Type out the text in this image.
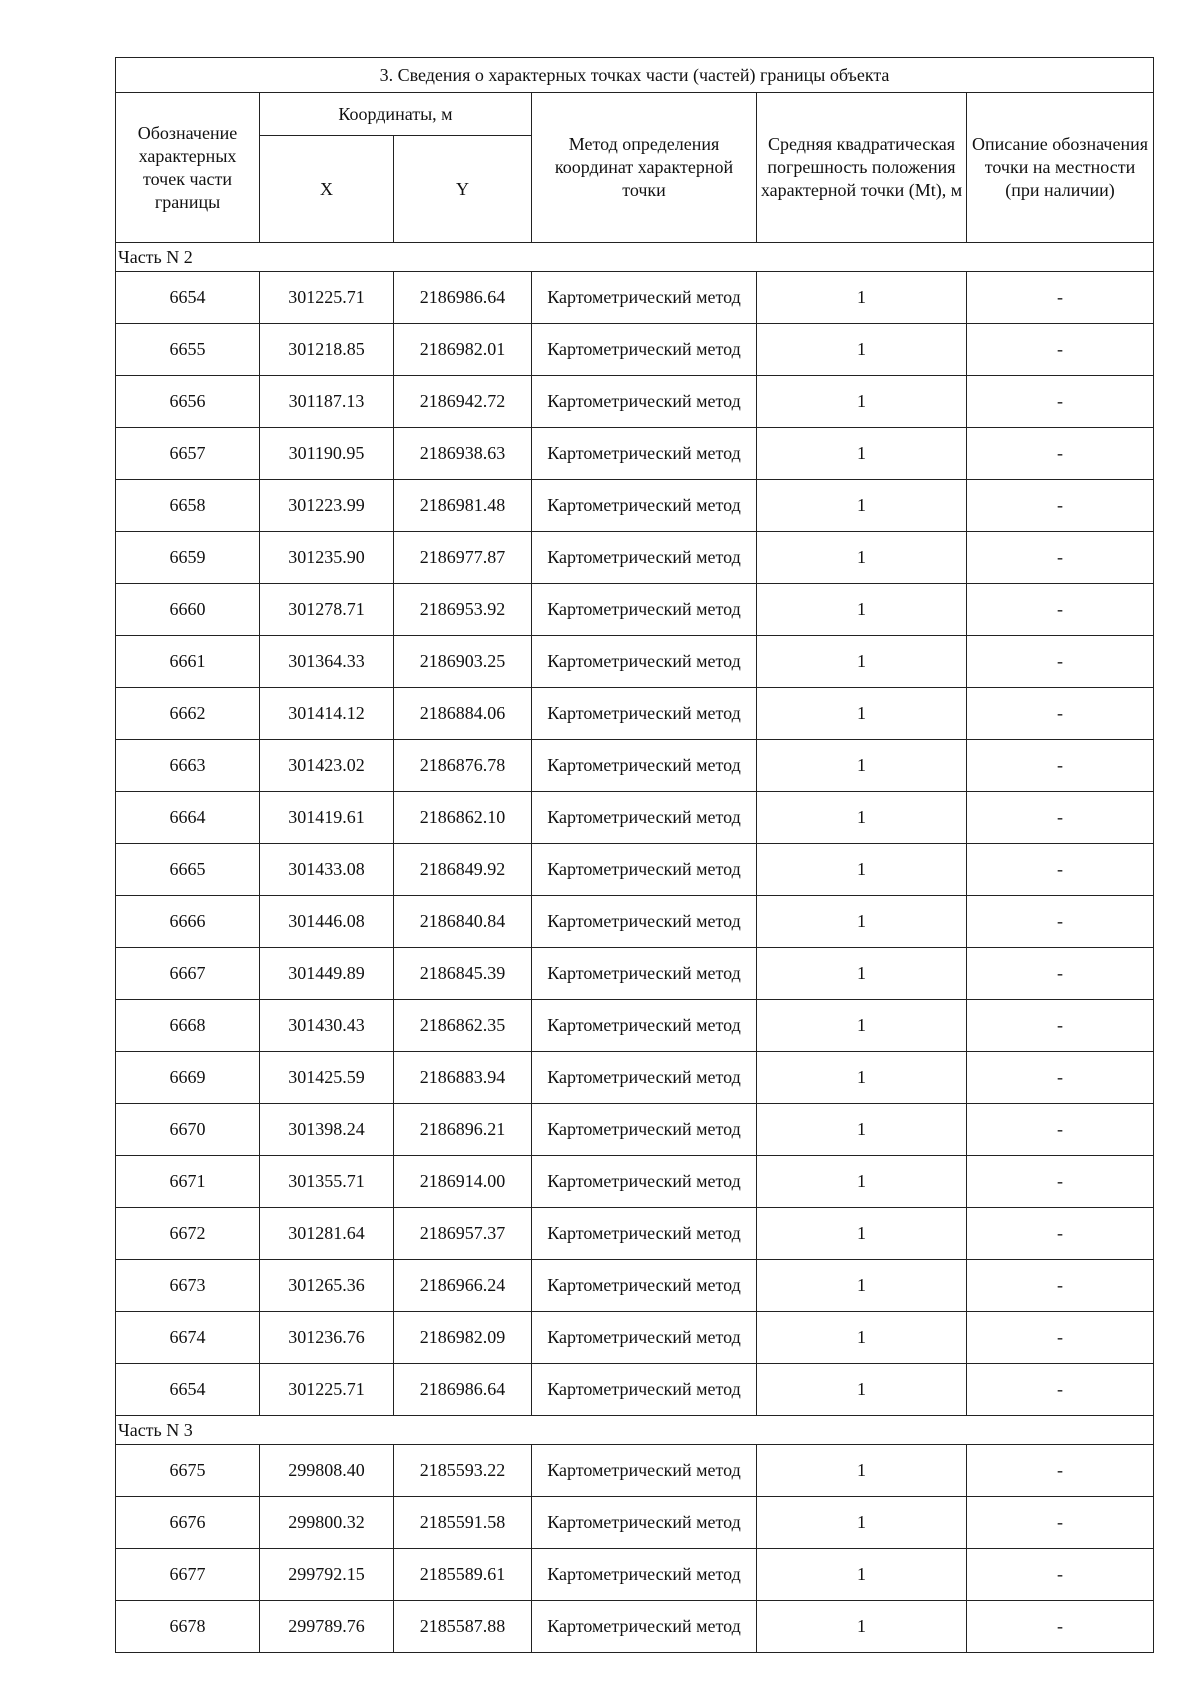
3. Сведения о характерных точках части (частей) границы объекта					
Обозначение характерных точек части границы	Координаты, м		Метод определения координат характерной точки	Средняя квадратическая погрешность положения характерной точки (Mt), м	Описание обозначения точки на местности (при наличии)
	X	Y			
Часть N 2					
6654	301225.71	2186986.64	Картометрический метод	1	-
6655	301218.85	2186982.01	Картометрический метод	1	-
6656	301187.13	2186942.72	Картометрический метод	1	-
6657	301190.95	2186938.63	Картометрический метод	1	-
6658	301223.99	2186981.48	Картометрический метод	1	-
6659	301235.90	2186977.87	Картометрический метод	1	-
6660	301278.71	2186953.92	Картометрический метод	1	-
6661	301364.33	2186903.25	Картометрический метод	1	-
6662	301414.12	2186884.06	Картометрический метод	1	-
6663	301423.02	2186876.78	Картометрический метод	1	-
6664	301419.61	2186862.10	Картометрический метод	1	-
6665	301433.08	2186849.92	Картометрический метод	1	-
6666	301446.08	2186840.84	Картометрический метод	1	-
6667	301449.89	2186845.39	Картометрический метод	1	-
6668	301430.43	2186862.35	Картометрический метод	1	-
6669	301425.59	2186883.94	Картометрический метод	1	-
6670	301398.24	2186896.21	Картометрический метод	1	-
6671	301355.71	2186914.00	Картометрический метод	1	-
6672	301281.64	2186957.37	Картометрический метод	1	-
6673	301265.36	2186966.24	Картометрический метод	1	-
6674	301236.76	2186982.09	Картометрический метод	1	-
6654	301225.71	2186986.64	Картометрический метод	1	-
Часть N 3					
6675	299808.40	2185593.22	Картометрический метод	1	-
6676	299800.32	2185591.58	Картометрический метод	1	-
6677	299792.15	2185589.61	Картометрический метод	1	-
6678	299789.76	2185587.88	Картометрический метод	1	-
